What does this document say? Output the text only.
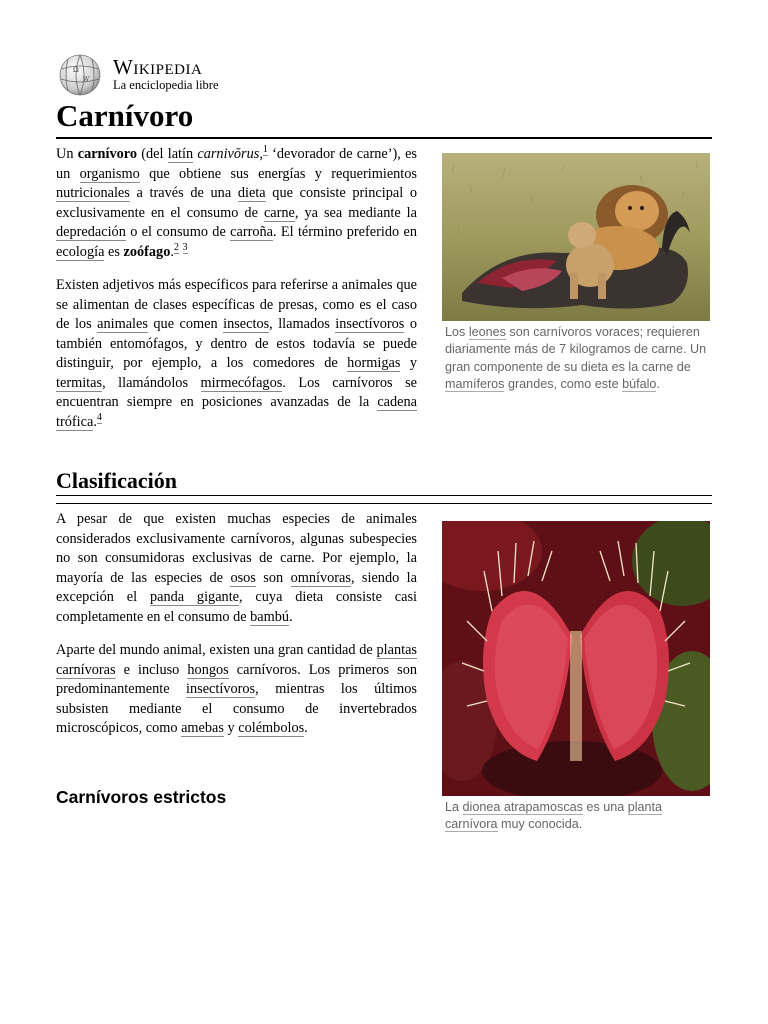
Ω
W
Wikipedia
La enciclopedia libre
Carnívoro

Un carnívoro (del latín carnivŏrus,$^1$ ‘devorador de carne’), es un organismo que obtiene sus energías y requerimientos nutricionales a través de una dieta que consiste principal o exclusivamente en el consumo de carne, ya sea mediante la depredación o el consumo de carroña. El término preferido en ecología es zoófago.$^2$ $^3$

Existen adjetivos más específicos para referirse a animales que se alimentan de clases específicas de presas, como es el caso de los animales que comen insectos, llamados insectívoros o también entomófagos, y dentro de estos todavía se puede distinguir, por ejemplo, a los comedores de hormigas y termitas, llamándolos mirmecófagos. Los carnívoros se encuentran siempre en posiciones avanzadas de la cadena trófica.$^4$

Los leones son carnívoros voraces; requieren diariamente más de 7 kilogramos de carne. Un gran componente de su dieta es la carne de mamíferos grandes, como este búfalo.
Clasificación

A pesar de que existen muchas especies de animales considerados exclusivamente carnívoros, algunas subespecies no son consumidoras exclusivas de carne. Por ejemplo, la mayoría de las especies de osos son omnívoras, siendo la excepción el panda gigante, cuya dieta consiste casi completamente en el consumo de bambú.

Aparte del mundo animal, existen una gran cantidad de plantas carnívoras e incluso hongos carnívoros. Los primeros son predominantemente insectívoros, mientras los últimos subsisten mediante el consumo de invertebrados microscópicos, como amebas y colémbolos.

Carnívoros estrictos	La dionea atrapamoscas es una planta carnívora muy conocida.
